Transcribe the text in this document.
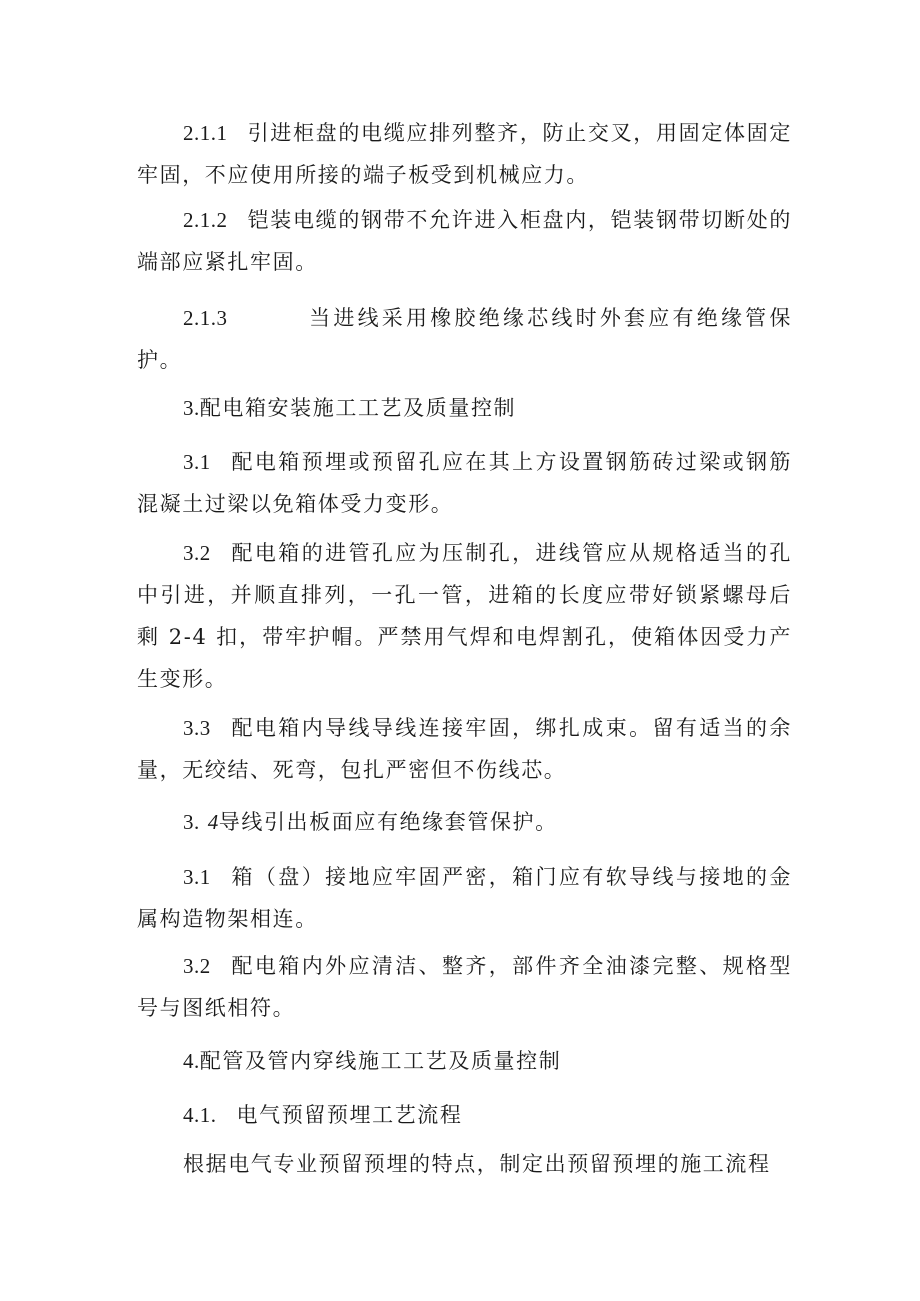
2.1.1 引进柜盘的电缆应排列整齐，防止交叉，用固定体固定牢固，不应使用所接的端子板受到机械应力。

2.1.2 铠装电缆的钢带不允许进入柜盘内，铠装钢带切断处的端部应紧扎牢固。

2.1.3	当进线采用橡胶绝缘芯线时外套应有绝缘管保护。

3.配电箱安装施工工艺及质量控制

3.1 配电箱预埋或预留孔应在其上方设置钢筋砖过梁或钢筋混凝土过梁以免箱体受力变形。

3.2 配电箱的进管孔应为压制孔，进线管应从规格适当的孔中引进，并顺直排列，一孔一管，进箱的长度应带好锁紧螺母后剩 2-4 扣，带牢护帽。严禁用气焊和电焊割孔，使箱体因受力产生变形。

3.3 配电箱内导线导线连接牢固，绑扎成束。留有适当的余量，无绞结、死弯，包扎严密但不伤线芯。

3. 4导线引出板面应有绝缘套管保护。

3.1 箱（盘）接地应牢固严密，箱门应有软导线与接地的金属构造物架相连。

3.2 配电箱内外应清洁、整齐，部件齐全油漆完整、规格型号与图纸相符。

4.配管及管内穿线施工工艺及质量控制

4.1. 电气预留预埋工艺流程

根据电气专业预留预埋的特点，制定出预留预埋的施工流程
